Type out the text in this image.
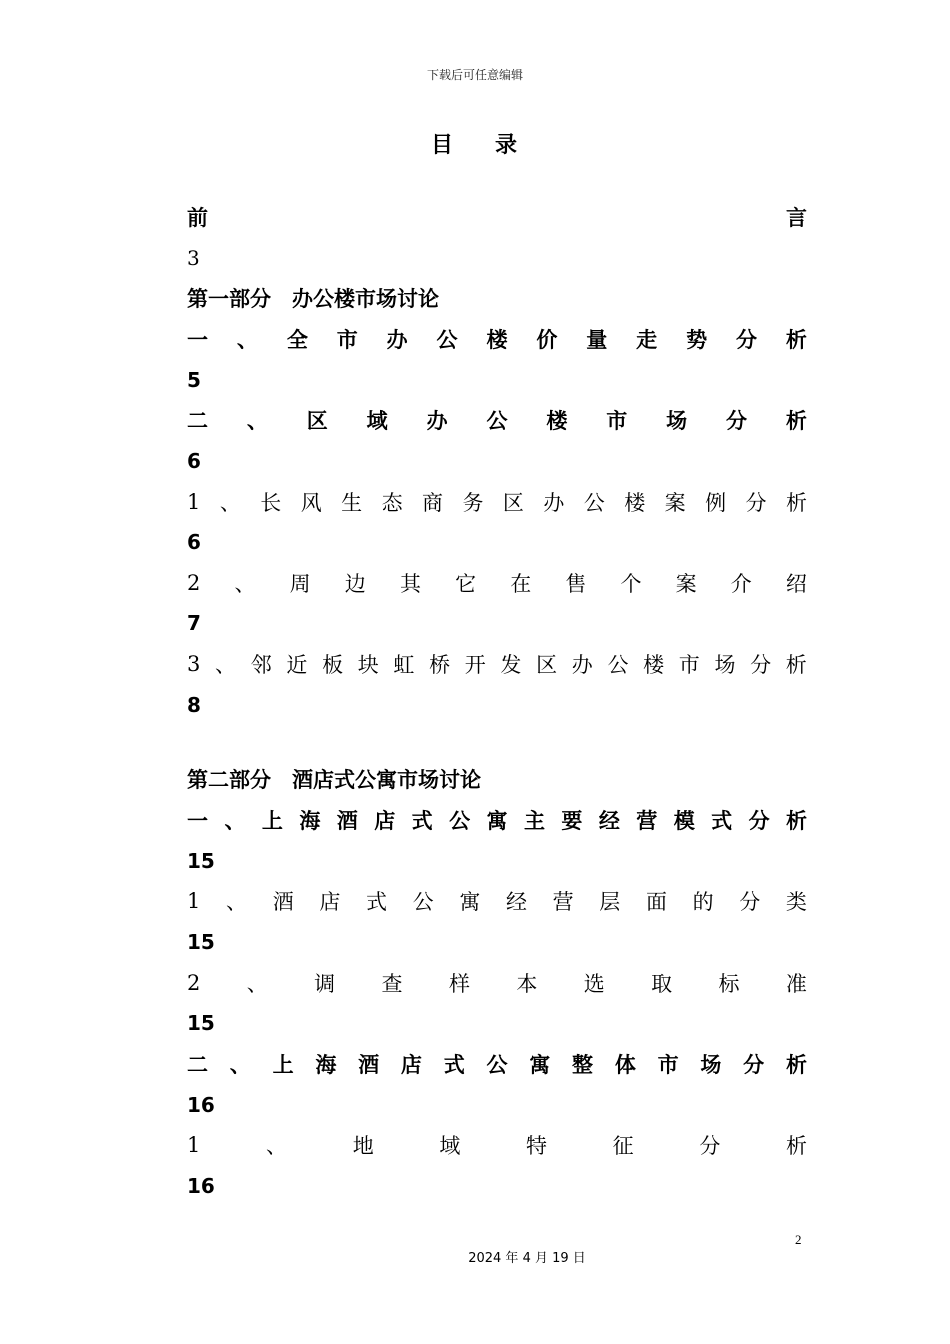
下载后可任意编辑
目 录
前	言
3
第一部分　办公楼市场讨论
一 、 全 市 办 公 楼 价 量 走 势 分 析
5
二 、 区 域 办 公 楼 市 场 分 析
6
1 、 长 风 生 态 商 务 区 办 公 楼 案 例 分 析
6
2 、 周 边 其 它 在 售 个 案 介 绍
7
3 、 邻 近 板 块 虹 桥 开 发 区 办 公 楼 市 场 分 析
8
第二部分　酒店式公寓市场讨论
一 、 上 海 酒 店 式 公 寓 主 要 经 营 模 式 分 析
15
1 、 酒 店 式 公 寓 经 营 层 面 的 分 类
15
2 、 调 查 样 本 选 取 标 准
15
二 、 上 海 酒 店 式 公 寓 整 体 市 场 分 析
16
1	、	地	域	特	征	分	析
16
2
2024 年 4 月 19 日
